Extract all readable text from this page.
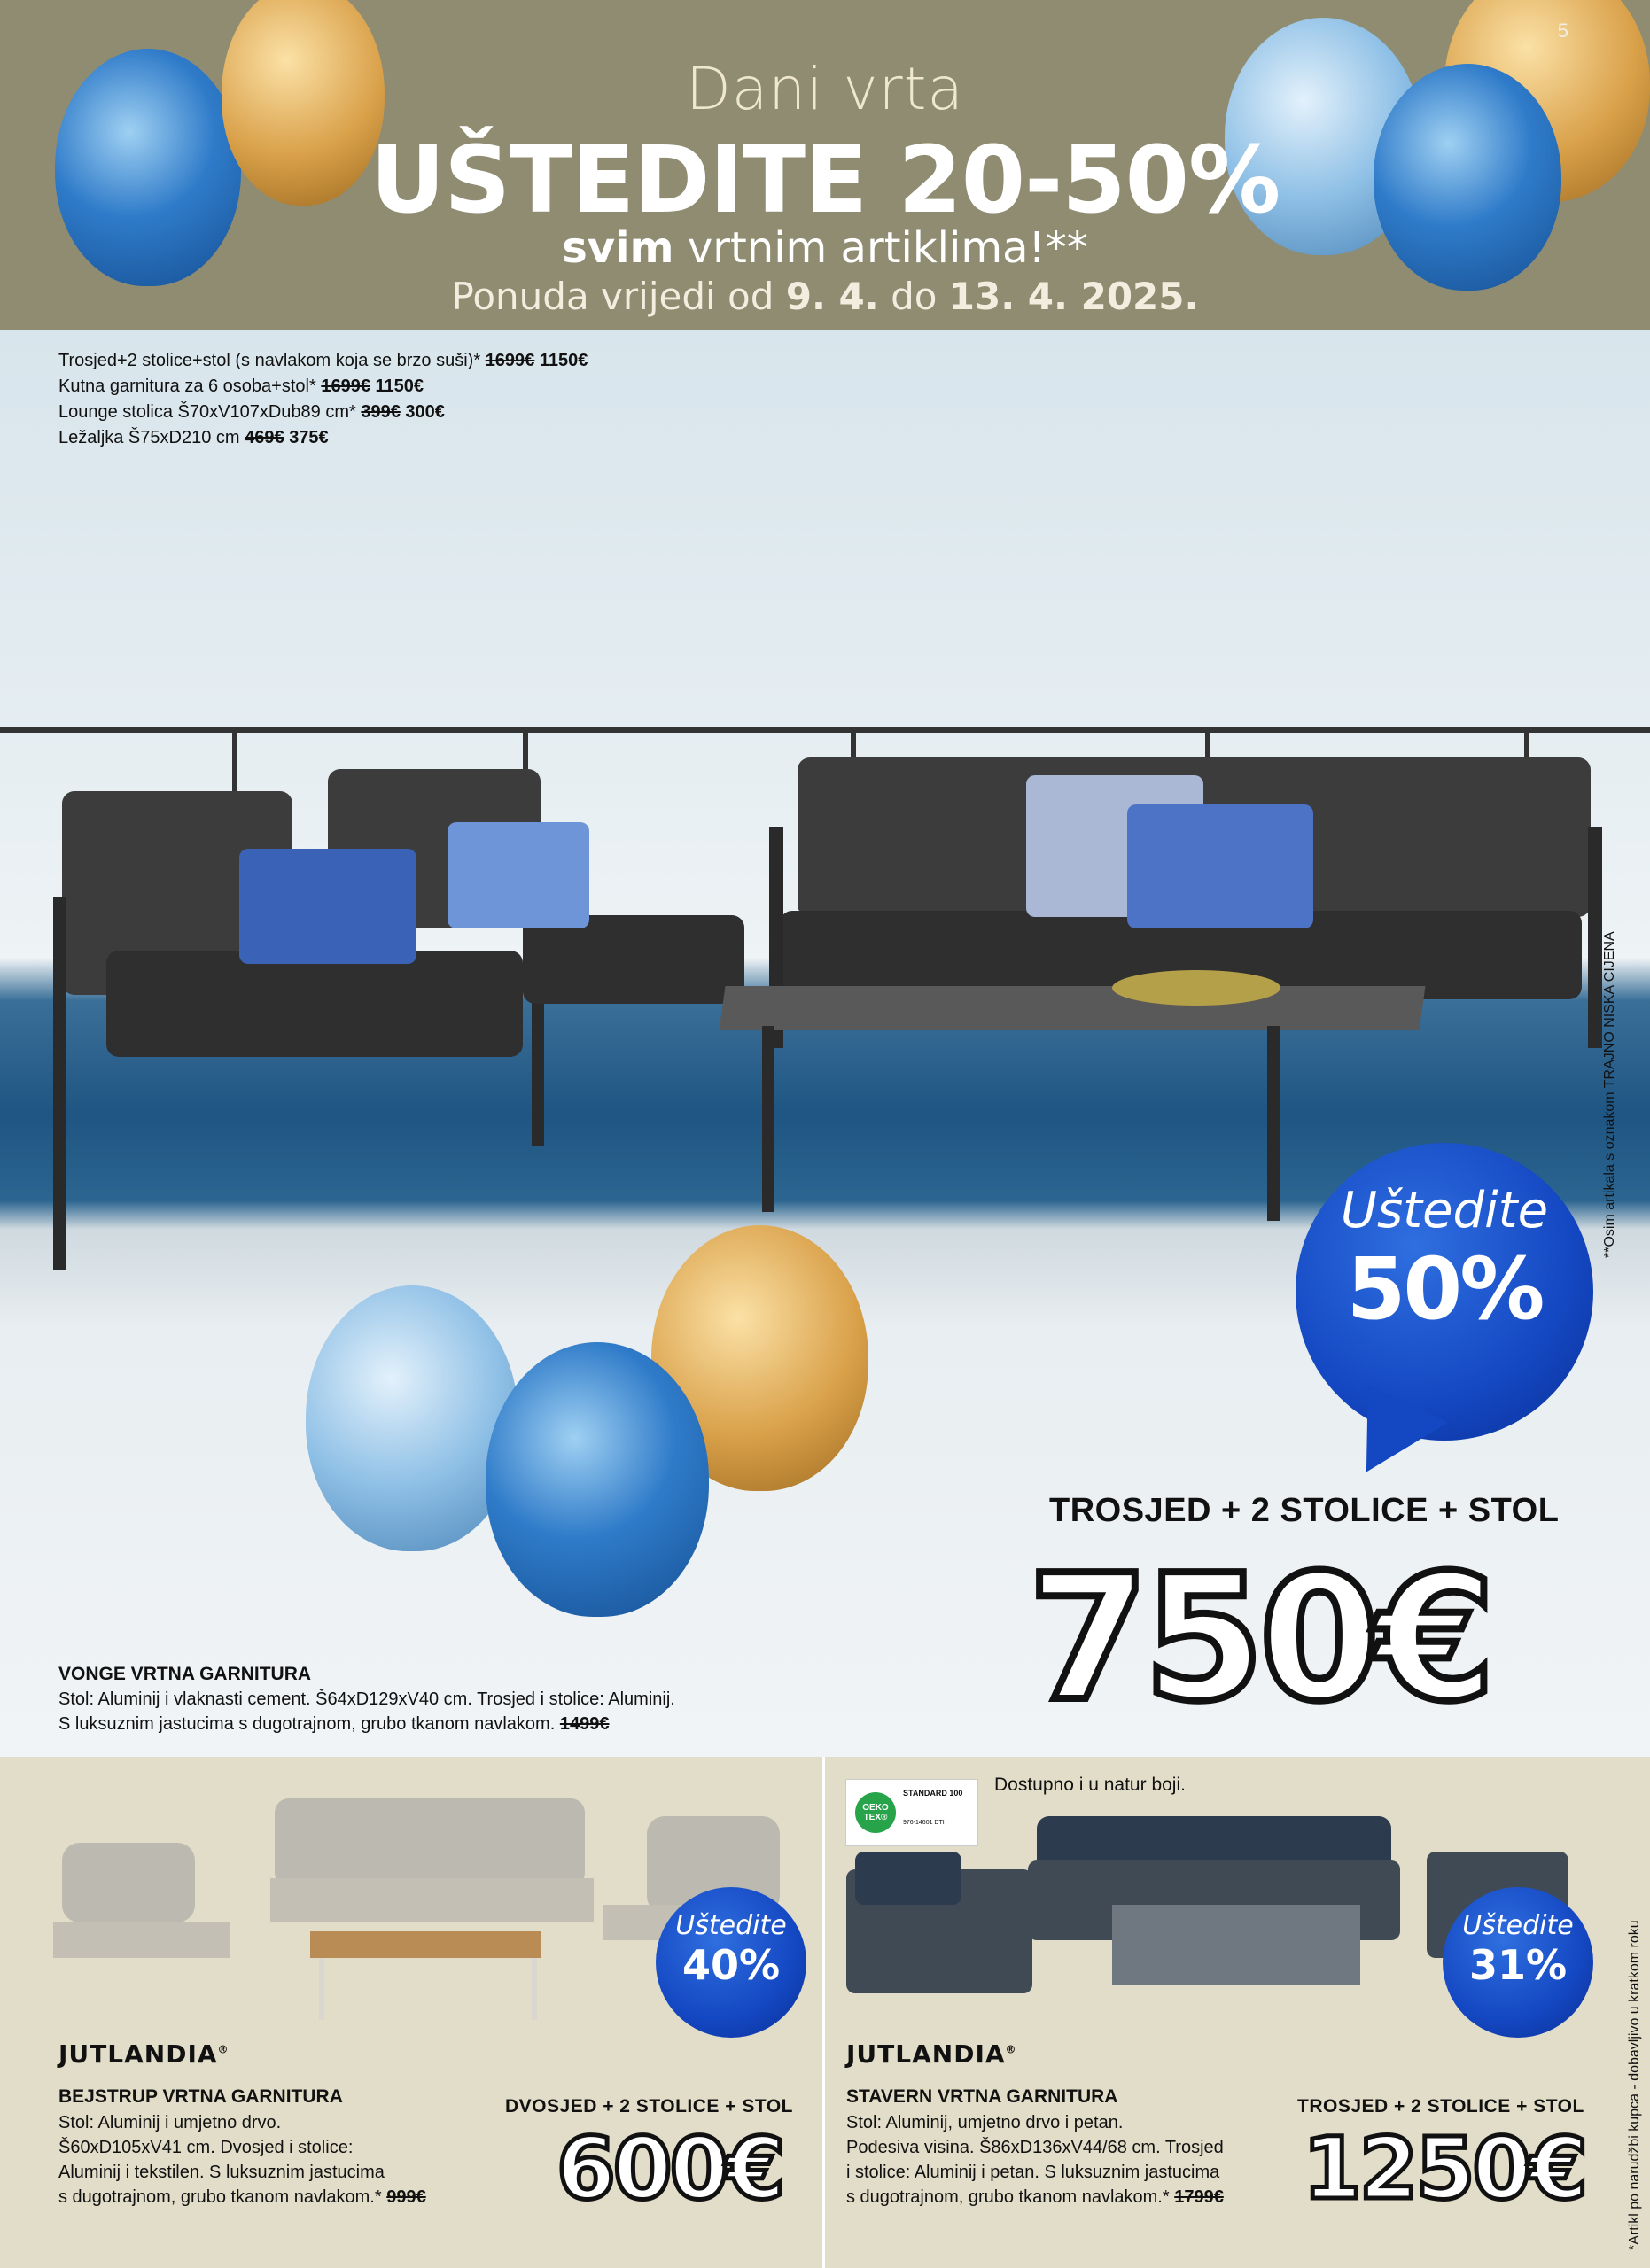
5
Dani vrta
UŠTEDITE 20-50%
svim vrtnim artiklima!**
Ponuda vrijedi od 9. 4. do 13. 4. 2025.
Trosjed+2 stolice+stol (s navlakom koja se brzo suši)* 1699€ 1150€
Kutna garnitura za 6 osoba+stol* 1699€ 1150€
Lounge stolica Š70xV107xDub89 cm* 399€ 300€
Ležaljka Š75xD210 cm 469€ 375€
Uštedite
50%
TROSJED + 2 STOLICE + STOL
750€
VONGE VRTNA GARNITURA
Stol: Aluminij i vlaknasti cement. Š64xD129xV40 cm. Trosjed i stolice: Aluminij.
S luksuznim jastucima s dugotrajnom, grubo tkanom navlakom. 1499€
**Osim artikala s oznakom TRAJNO NISKA CIJENA
Uštedite
40%
Uštedite
31%
OEKO TEX®
STANDARD 100
976-14601 DTI
Dostupno i u natur boji.
JUTLANDIA®
BEJSTRUP VRTNA GARNITURA
Stol: Aluminij i umjetno drvo.
Š60xD105xV41 cm. Dvosjed i stolice:
Aluminij i tekstilen. S luksuznim jastucima
s dugotrajnom, grubo tkanom navlakom.* 999€
DVOSJED + 2 STOLICE + STOL
600€
JUTLANDIA®
STAVERN VRTNA GARNITURA
Stol: Aluminij, umjetno drvo i petan.
Podesiva visina. Š86xD136xV44/68 cm. Trosjed
i stolice: Aluminij i petan. S luksuznim jastucima
s dugotrajnom, grubo tkanom navlakom.* 1799€
TROSJED + 2 STOLICE + STOL
1250€	*Artikl po narudžbi kupca - dobavljivo u kratkom roku
